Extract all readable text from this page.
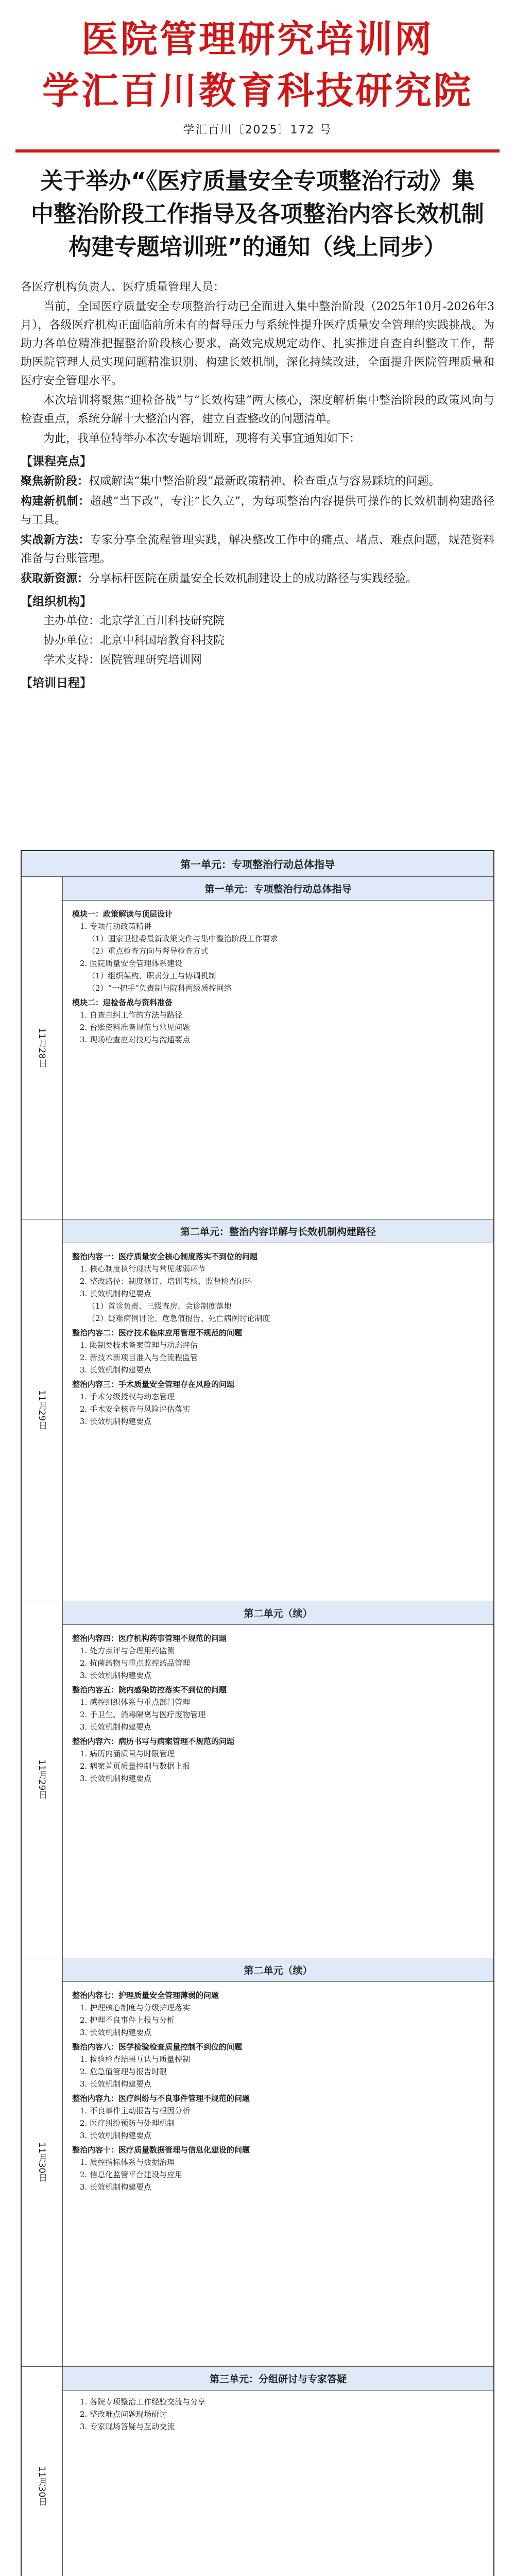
医院管理研究培训网
学汇百川教育科技研究院
学汇百川〔2025〕172 号
关于举办“《医疗质量安全专项整治行动》集
中整治阶段工作指导及各项整治内容长效机制
构建专题培训班”的通知（线上同步）

各医疗机构负责人、医疗质量管理人员：

当前，全国医疗质量安全专项整治行动已全面进入集中整治阶段（2025年10月-2026年3月），各级医疗机构正面临前所未有的督导压力与系统性提升医疗质量安全管理的实践挑战。为助力各单位精准把握整治阶段核心要求，高效完成规定动作、扎实推进自查自纠整改工作，帮助医院管理人员实现问题精准识别、构建长效机制，深化持续改进，全面提升医院管理质量和医疗安全管理水平。

本次培训将聚焦“迎检备战”与“长效构建”两大核心，深度解析集中整治阶段的政策风向与检查重点，系统分解十大整治内容，建立自查整改的问题清单。

为此，我单位特举办本次专题培训班，现将有关事宜通知如下：

【课程亮点】

聚焦新阶段：权威解读“集中整治阶段”最新政策精神、检查重点与容易踩坑的问题。

构建新机制：超越“当下改”，专注“长久立”，为每项整治内容提供可操作的长效机制构建路径与工具。

实战新方法：专家分享全流程管理实践，解决整改工作中的痛点、堵点、难点问题，规范资料准备与台账管理。

获取新资源：分享标杆医院在质量安全长效机制建设上的成功路径与实践经验。

【组织机构】

主办单位：北京学汇百川科技研究院

协办单位：北京中科国培教育科技院

学术支持：医院管理研究培训网

【培训日程】

第一单元：专项整治行动总体指导
11月28日
第一单元：专项整治行动总体指导
模块一：政策解读与顶层设计
1. 专项行动政策精讲
（1）国家卫健委最新政策文件与集中整治阶段工作要求
（2）重点检查方向与督导检查方式
2. 医院质量安全管理体系建设
（1）组织架构、职责分工与协调机制
（2）“一把手”负责制与院科两级质控网络
模块二：迎检备战与资料准备
1. 自查自纠工作的方法与路径
2. 台账资料准备规范与常见问题
3. 现场检查应对技巧与沟通要点
11月29日
第二单元：整治内容详解与长效机制构建路径
整治内容一：医疗质量安全核心制度落实不到位的问题
1. 核心制度执行现状与常见薄弱环节
2. 整改路径：制度修订、培训考核、监督检查闭环
3. 长效机制构建要点
（1）首诊负责、三级查房、会诊制度落地
（2）疑难病例讨论、危急值报告、死亡病例讨论制度
整治内容二：医疗技术临床应用管理不规范的问题
1. 限制类技术备案管理与动态评估
2. 新技术新项目准入与全流程监管
3. 长效机制构建要点
整治内容三：手术质量安全管理存在风险的问题
1. 手术分级授权与动态管理
2. 手术安全核查与风险评估落实
3. 长效机制构建要点
11月29日
第二单元（续）
整治内容四：医疗机构药事管理不规范的问题
1. 处方点评与合理用药监测
2. 抗菌药物与重点监控药品管理
3. 长效机制构建要点
整治内容五：院内感染防控落实不到位的问题
1. 感控组织体系与重点部门管理
2. 手卫生、消毒隔离与医疗废物管理
3. 长效机制构建要点
整治内容六：病历书写与病案管理不规范的问题
1. 病历内涵质量与时限管理
2. 病案首页质量控制与数据上报
3. 长效机制构建要点
11月30日
第二单元（续）
整治内容七：护理质量安全管理薄弱的问题
1. 护理核心制度与分级护理落实
2. 护理不良事件上报与分析
3. 长效机制构建要点
整治内容八：医学检验检查质量控制不到位的问题
1. 检验检查结果互认与质量控制
2. 危急值管理与报告时限
3. 长效机制构建要点
整治内容九：医疗纠纷与不良事件管理不规范的问题
1. 不良事件主动报告与根因分析
2. 医疗纠纷预防与处理机制
3. 长效机制构建要点
整治内容十：医疗质量数据管理与信息化建设的问题
1. 质控指标体系与数据治理
2. 信息化监管平台建设与应用
3. 长效机制构建要点
11月30日
第三单元：分组研讨与专家答疑
1. 各院专项整治工作经验交流与分享
2. 整改难点问题现场研讨
3. 专家现场答疑与互动交流
